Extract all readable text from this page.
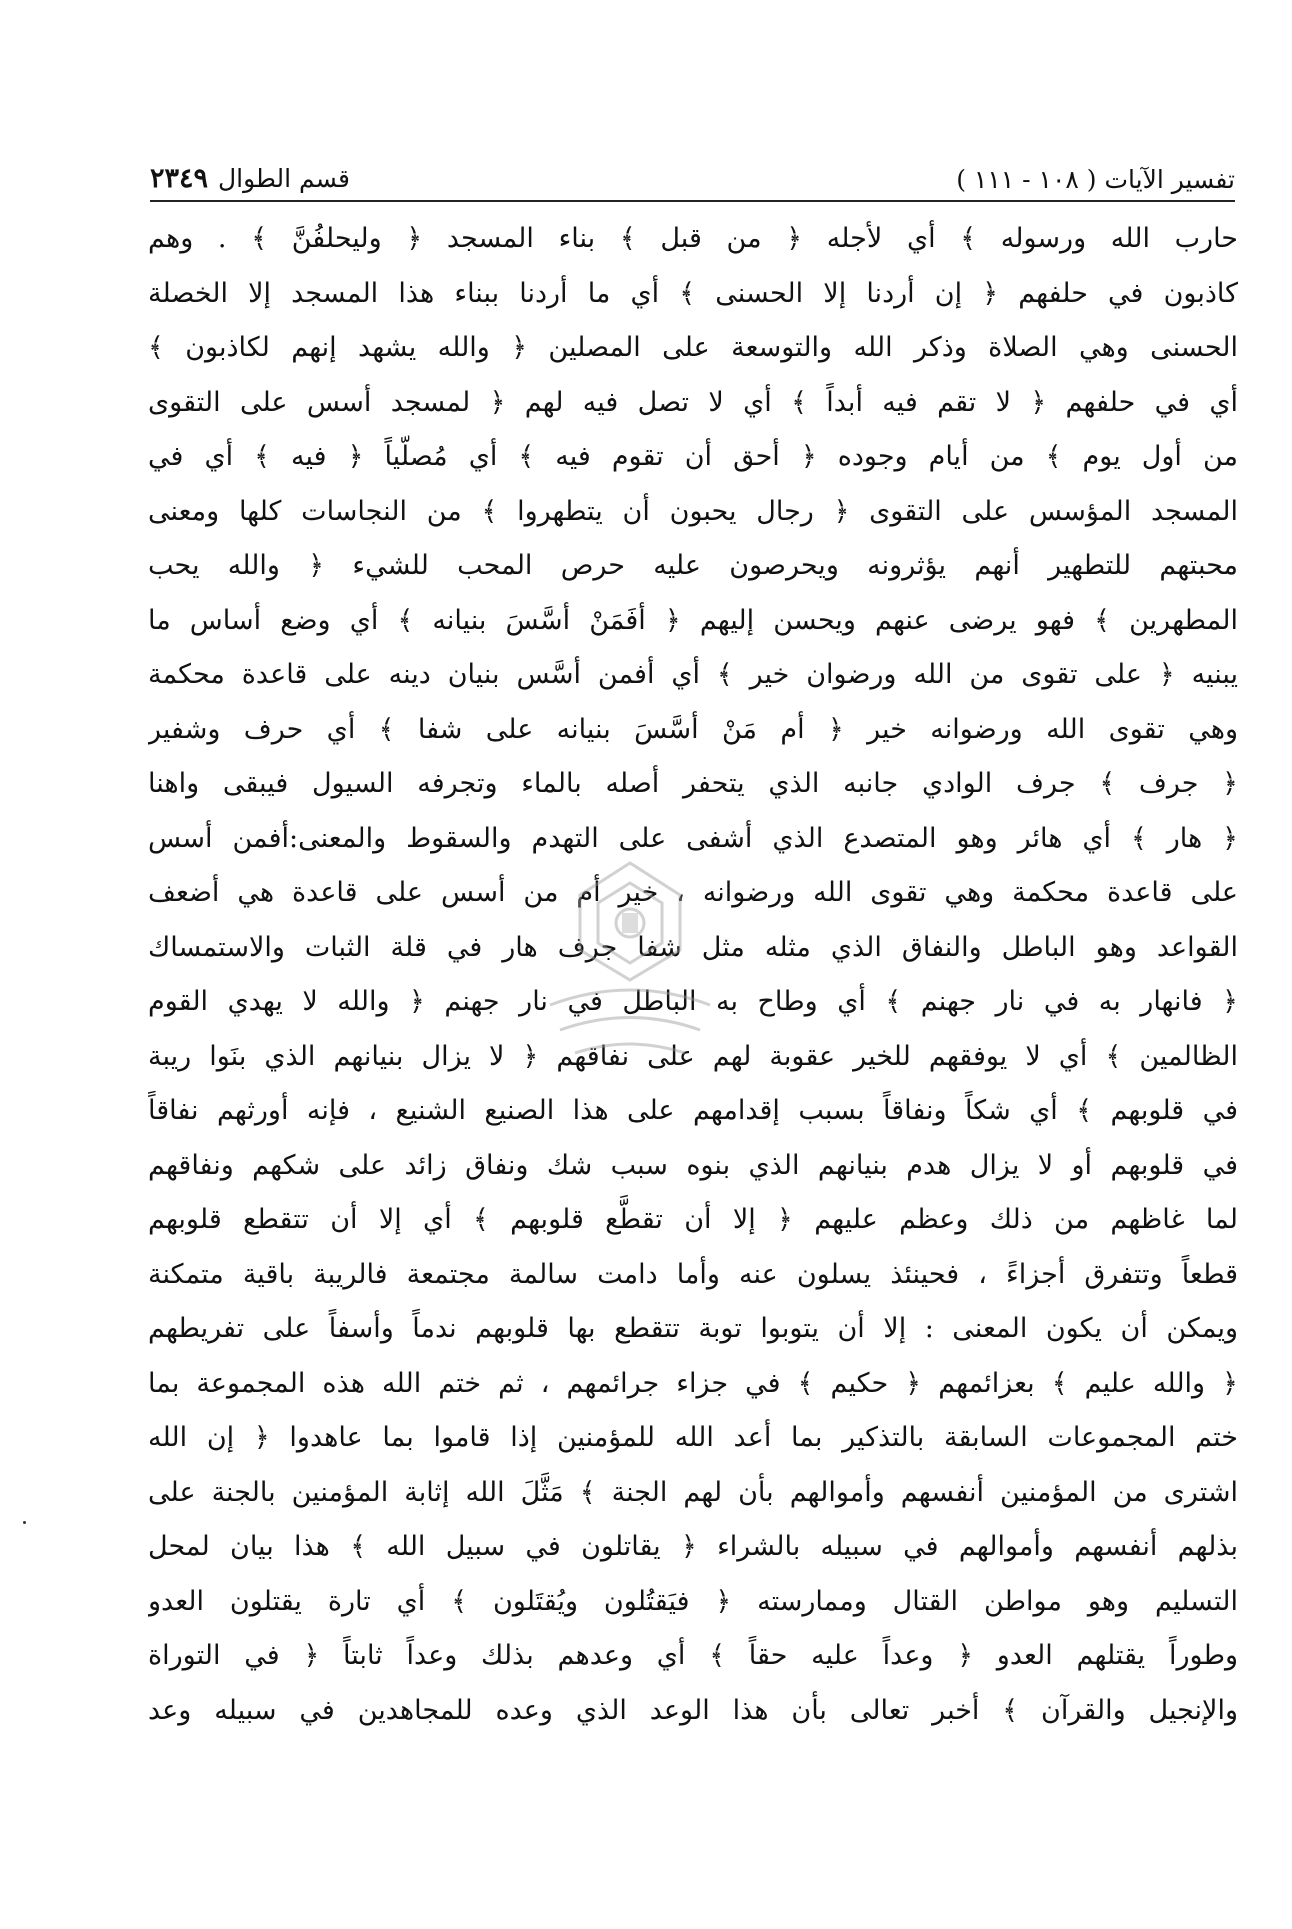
تفسير الآيات ( ١٠٨ - ١١١ )
قسم الطوال
٢٣٤٩
حارب الله ورسوله ﴾ أي لأجله ﴿ من قبل ﴾ بناء المسجد ﴿ وليحلفُنَّ ﴾ . وهم
كاذبون في حلفهم ﴿ إن أردنا إلا الحسنى ﴾ أي ما أردنا ببناء هذا المسجد إلا الخصلة
الحسنى وهي الصلاة وذكر الله والتوسعة على المصلين ﴿ والله يشهد إنهم لكاذبون ﴾
أي في حلفهم ﴿ لا تقم فيه أبداً ﴾ أي لا تصل فيه لهم ﴿ لمسجد أسس على التقوى
من أول يوم ﴾ من أيام وجوده ﴿ أحق أن تقوم فيه ﴾ أي مُصلّياً ﴿ فيه ﴾ أي في
المسجد المؤسس على التقوى ﴿ رجال يحبون أن يتطهروا ﴾ من النجاسات كلها ومعنى
محبتهم للتطهير أنهم يؤثرونه ويحرصون عليه حرص المحب للشيء ﴿ والله يحب
المطهرين ﴾ فهو يرضى عنهم ويحسن إليهم ﴿ أفَمَنْ أسَّسَ بنيانه ﴾ أي وضع أساس ما
يبنيه ﴿ على تقوى من الله ورضوان خير ﴾ أي أفمن أسَّس بنيان دينه على قاعدة محكمة
وهي تقوى الله ورضوانه خير ﴿ أم مَنْ أسَّسَ بنيانه على شفا ﴾ أي حرف وشفير
﴿ جرف ﴾ جرف الوادي جانبه الذي يتحفر أصله بالماء وتجرفه السيول فيبقى واهنا
﴿ هار ﴾ أي هائر وهو المتصدع الذي أشفى على التهدم والسقوط والمعنى:أفمن أسس
على قاعدة محكمة وهي تقوى الله ورضوانه ، خير أم من أسس على قاعدة هي أضعف
القواعد وهو الباطل والنفاق الذي مثله مثل شفا جرف هار في قلة الثبات والاستمساك
﴿ فانهار به في نار جهنم ﴾ أي وطاح به الباطل في نار جهنم ﴿ والله لا يهدي القوم
الظالمين ﴾ أي لا يوفقهم للخير عقوبة لهم على نفاقهم ﴿ لا يزال بنيانهم الذي بنَوا ريبة
في قلوبهم ﴾ أي شكاً ونفاقاً بسبب إقدامهم على هذا الصنيع الشنيع ، فإنه أورثهم نفاقاً
في قلوبهم أو لا يزال هدم بنيانهم الذي بنوه سبب شك ونفاق زائد على شكهم ونفاقهم
لما غاظهم من ذلك وعظم عليهم ﴿ إلا أن تقطَّع قلوبهم ﴾ أي إلا أن تتقطع قلوبهم
قطعاً وتتفرق أجزاءً ، فحينئذ يسلون عنه وأما دامت سالمة مجتمعة فالريبة باقية متمكنة
ويمكن أن يكون المعنى : إلا أن يتوبوا توبة تتقطع بها قلوبهم ندماً وأسفاً على تفريطهم
﴿ والله عليم ﴾ بعزائمهم ﴿ حكيم ﴾ في جزاء جرائمهم ، ثم ختم الله هذه المجموعة بما
ختم المجموعات السابقة بالتذكير بما أعد الله للمؤمنين إذا قاموا بما عاهدوا ﴿ إن الله
اشترى من المؤمنين أنفسهم وأموالهم بأن لهم الجنة ﴾ مَثَّلَ الله إثابة المؤمنين بالجنة على
بذلهم أنفسهم وأموالهم في سبيله بالشراء ﴿ يقاتلون في سبيل الله ﴾ هذا بيان لمحل
التسليم وهو مواطن القتال وممارسته ﴿ فيَقتُلون ويُقتَلون ﴾ أي تارة يقتلون العدو
وطوراً يقتلهم العدو ﴿ وعداً عليه حقاً ﴾ أي وعدهم بذلك وعداً ثابتاً ﴿ في التوراة
والإنجيل والقرآن ﴾ أخبر تعالى بأن هذا الوعد الذي وعده للمجاهدين في سبيله وعد
